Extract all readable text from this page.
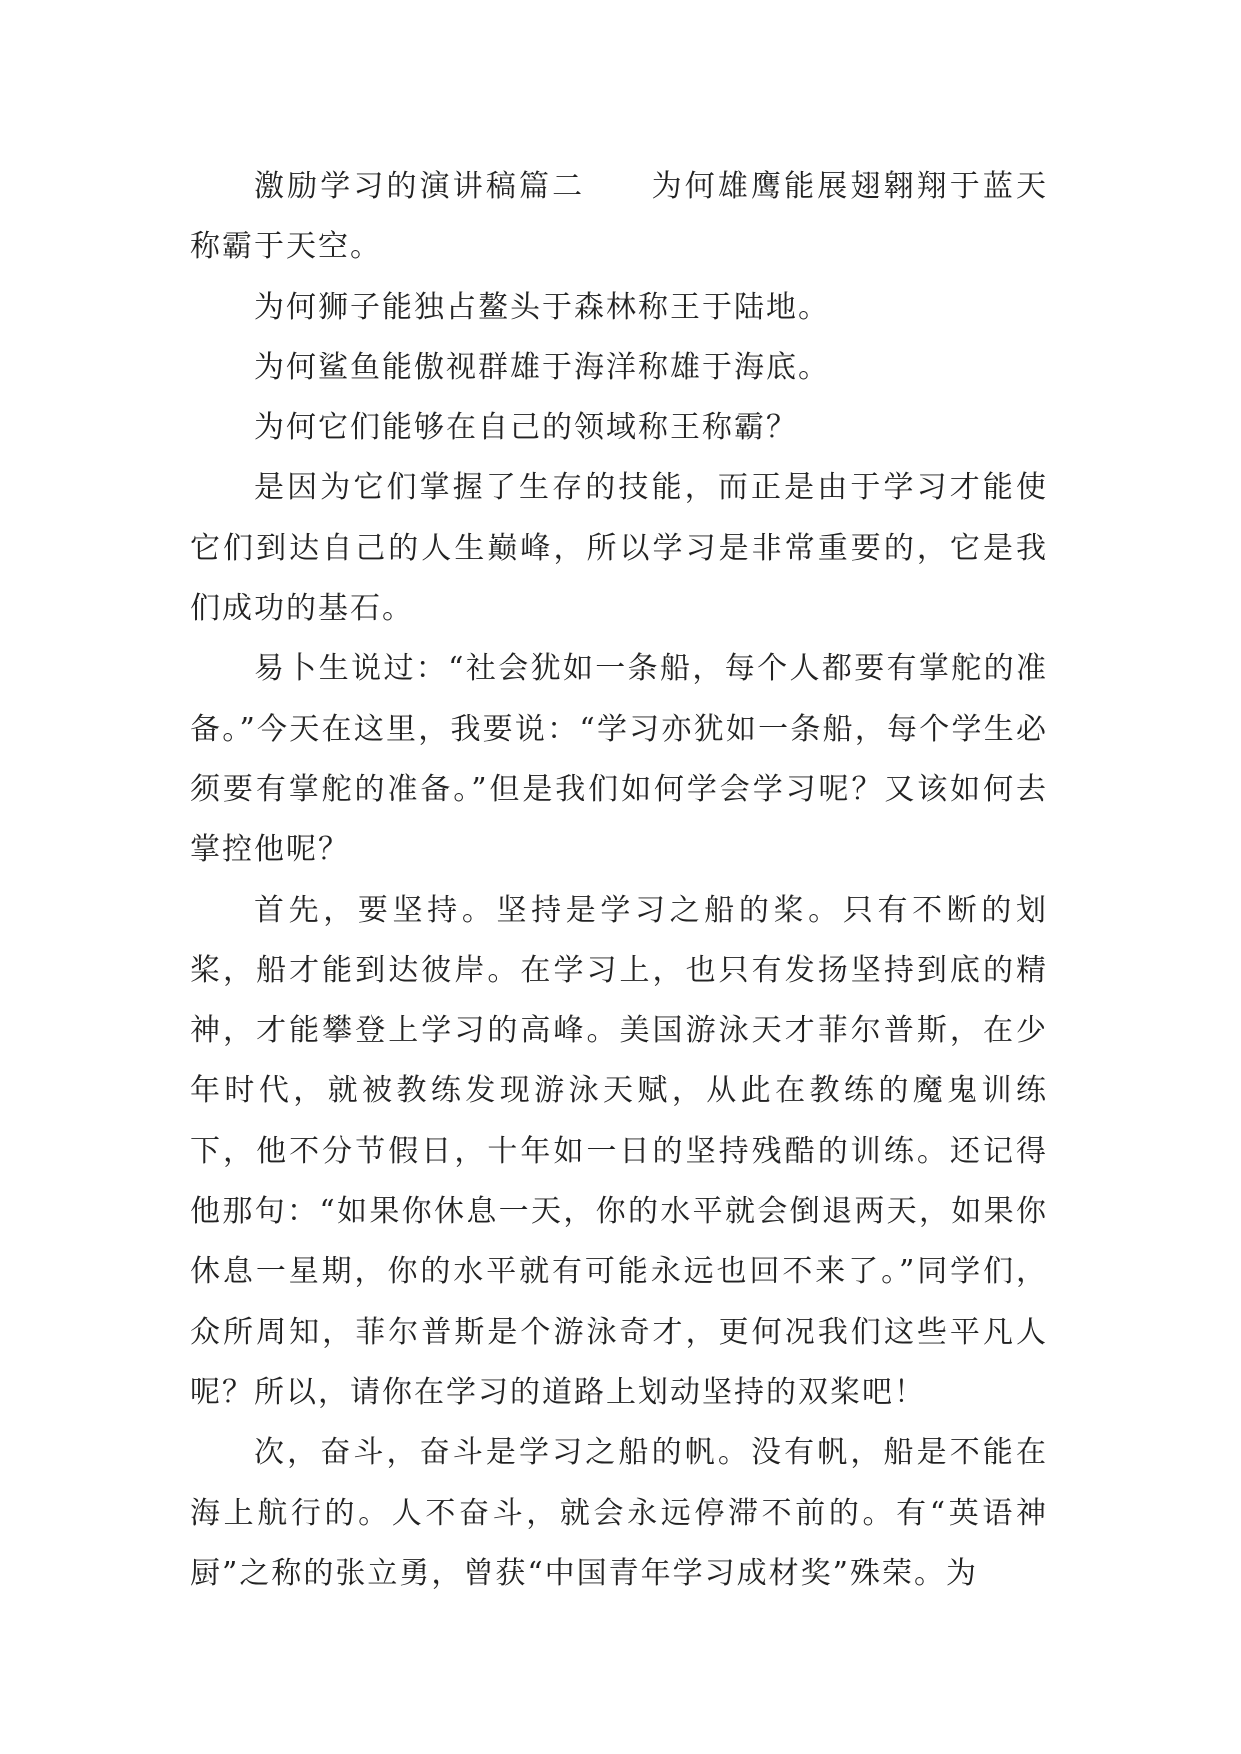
激励学习的演讲稿篇二　　为何雄鹰能展翅翱翔于蓝天称霸于天空。

为何狮子能独占鳌头于森林称王于陆地。

为何鲨鱼能傲视群雄于海洋称雄于海底。

为何它们能够在自己的领域称王称霸？

是因为它们掌握了生存的技能，而正是由于学习才能使它们到达自己的人生巅峰，所以学习是非常重要的，它是我们成功的基石。

易卜生说过：“社会犹如一条船，每个人都要有掌舵的准备。”今天在这里，我要说：“学习亦犹如一条船，每个学生必须要有掌舵的准备。”但是我们如何学会学习呢？又该如何去掌控他呢？

首先，要坚持。坚持是学习之船的桨。只有不断的划桨，船才能到达彼岸。在学习上，也只有发扬坚持到底的精神，才能攀登上学习的高峰。美国游泳天才菲尔普斯，在少年时代，就被教练发现游泳天赋，从此在教练的魔鬼训练下，他不分节假日，十年如一日的坚持残酷的训练。还记得他那句：“如果你休息一天，你的水平就会倒退两天，如果你休息一星期，你的水平就有可能永远也回不来了。”同学们，众所周知，菲尔普斯是个游泳奇才，更何况我们这些平凡人呢？所以，请你在学习的道路上划动坚持的双桨吧！

次，奋斗，奋斗是学习之船的帆。没有帆，船是不能在海上航行的。人不奋斗，就会永远停滞不前的。有“英语神厨”之称的张立勇，曾获“中国青年学习成材奖”殊荣。为
